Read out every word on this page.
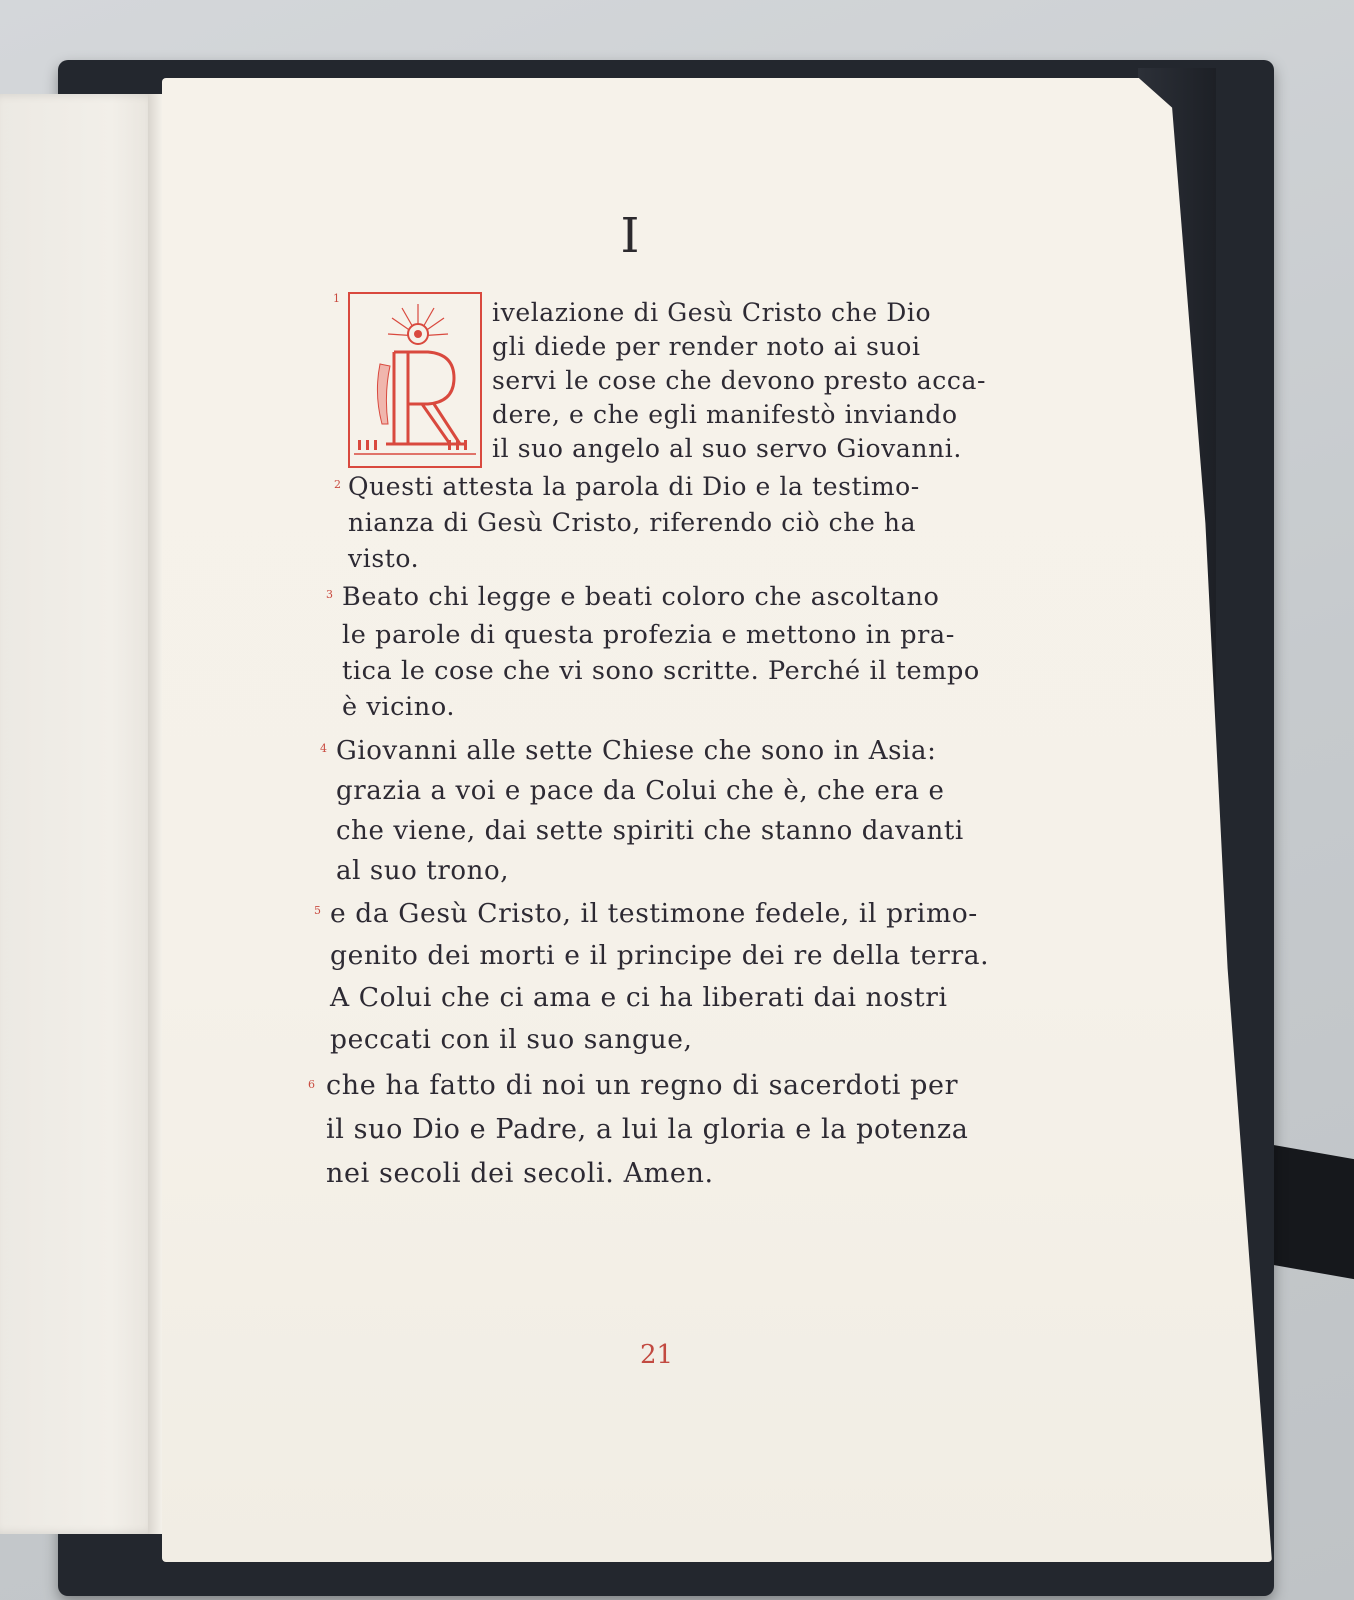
I
1	ivelazione di Gesù Cristo che Dio
gli diede per render noto ai suoi
servi le cose che devono presto acca-
dere, e che egli manifestò inviando
il suo angelo al suo servo Giovanni.
2 Questi attesta la parola di Dio e la testimo-
nianza di Gesù Cristo, riferendo ciò che ha
visto.
3 Beato chi legge e beati coloro che ascoltano
le parole di questa profezia e mettono in pra-
tica le cose che vi sono scritte. Perché il tempo
è vicino.
4 Giovanni alle sette Chiese che sono in Asia:
grazia a voi e pace da Colui che è, che era e
che viene, dai sette spiriti che stanno davanti
al suo trono,
5 e da Gesù Cristo, il testimone fedele, il primo-
genito dei morti e il principe dei re della terra.
A Colui che ci ama e ci ha liberati dai nostri
peccati con il suo sangue,
6 che ha fatto di noi un regno di sacerdoti per
il suo Dio e Padre, a lui la gloria e la potenza
nei secoli dei secoli. Amen.
21
